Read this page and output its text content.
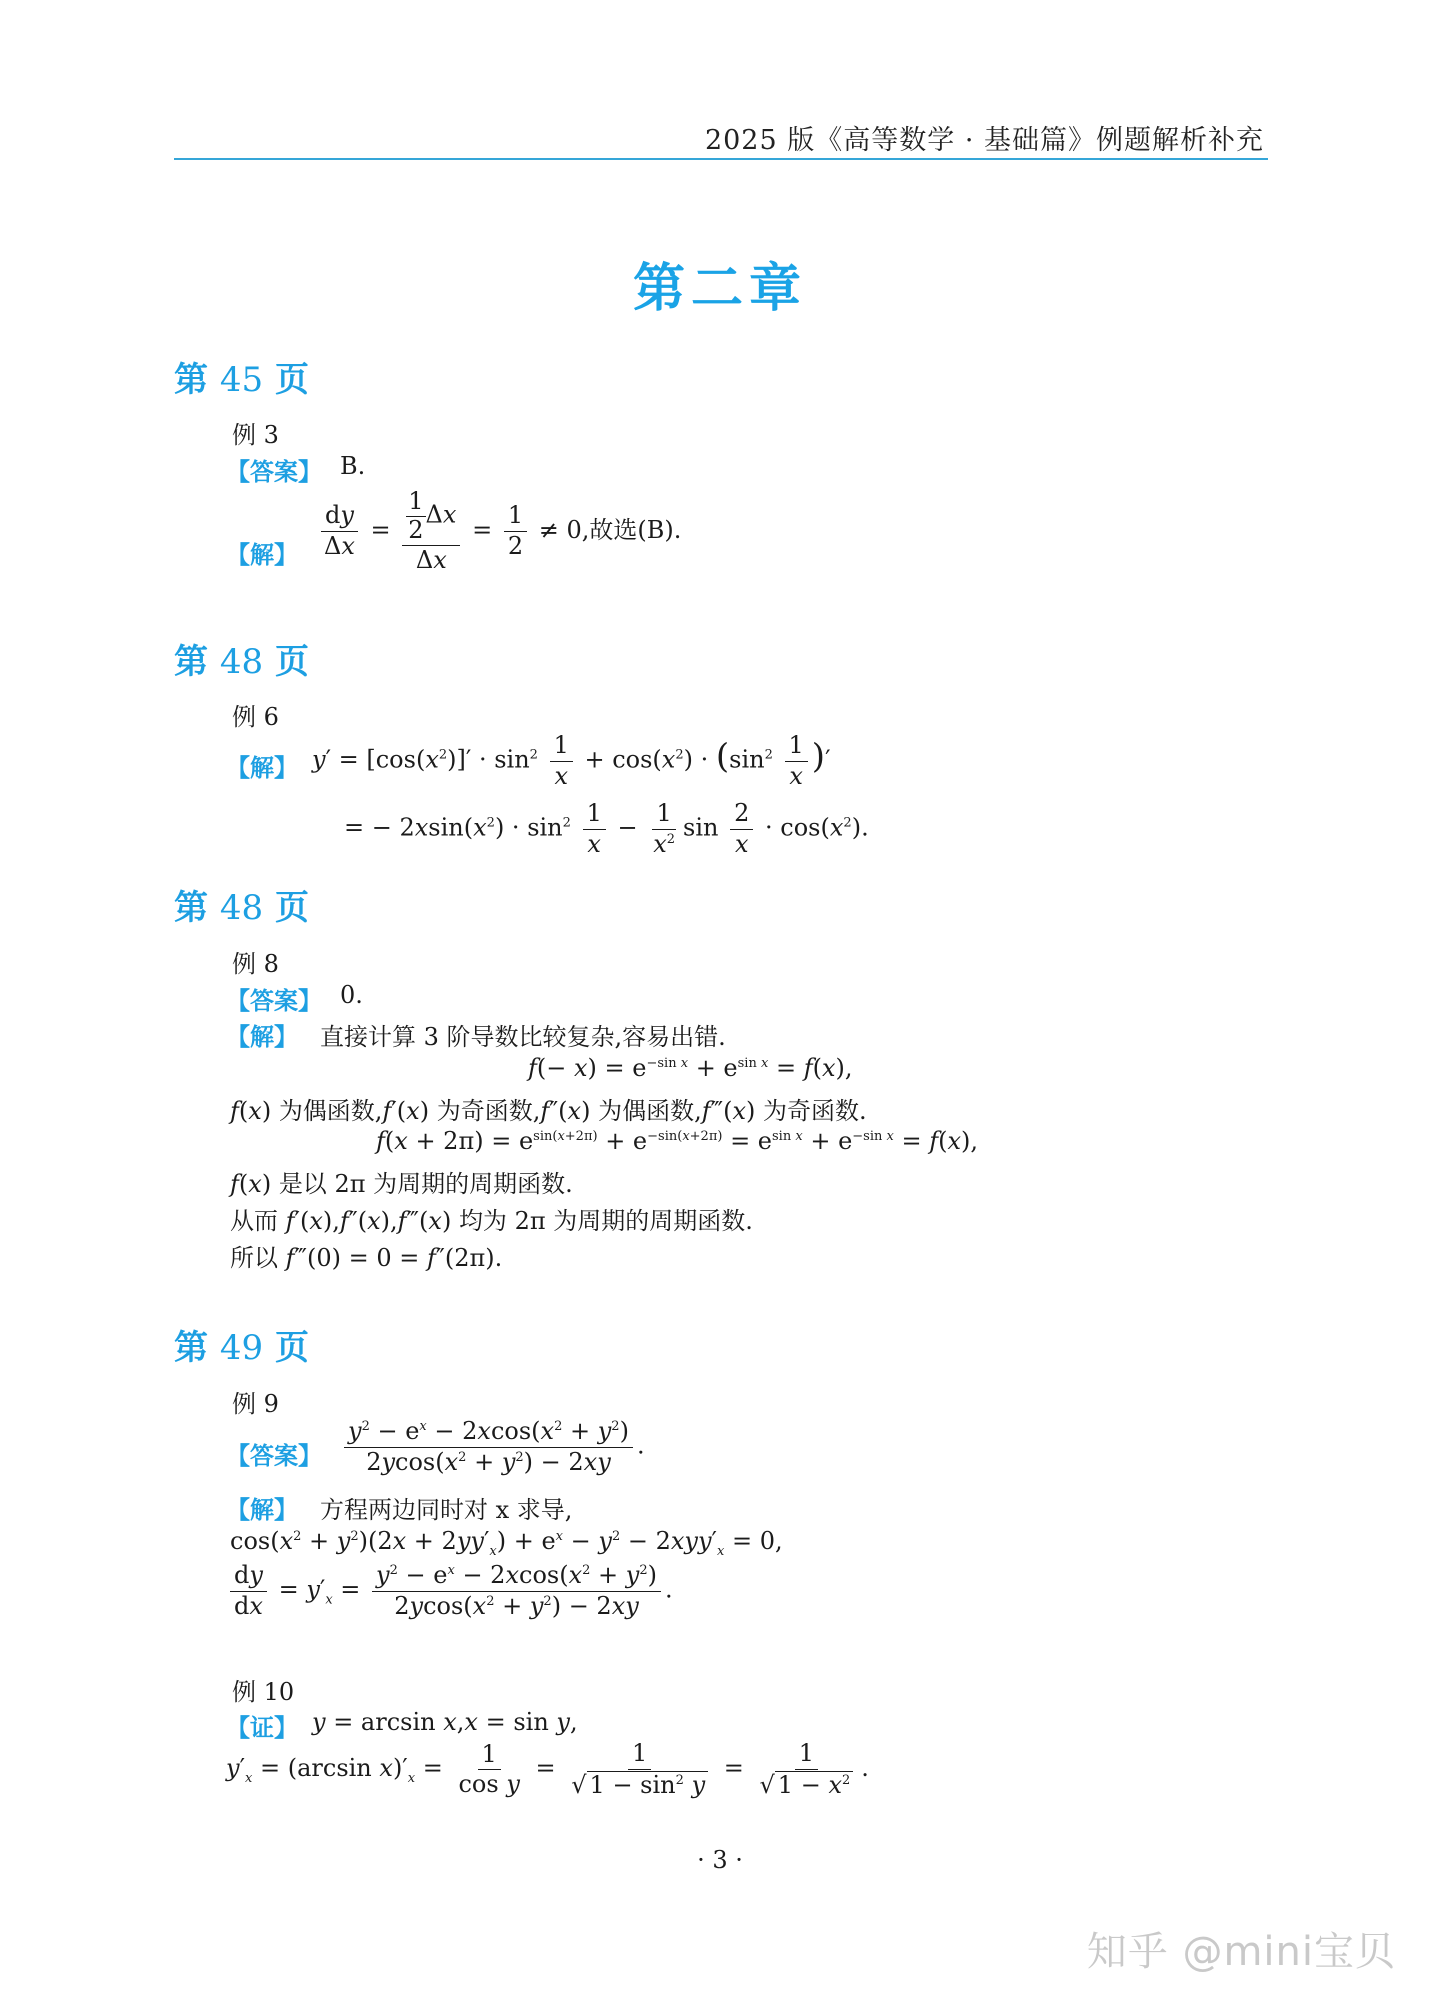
2025 版《高等数学 · 基础篇》例题解析补充
第二章
第 45 页
例 3
【答案】 B.
【解】 $\frac{dy}{\Delta x} = \frac{\frac{1}{2} \Delta x}{\Delta x} = \frac{1}{2} \ne 0$,故选(B).
第 48 页
例 6
【解】 $y' = [\cos(x^2)]' \cdot \sin^2 \frac{1}{x} + \cos(x^2) \cdot (\sin^2 \frac{1}{x}$ )′
= − $2xsin(x^2) \cdot \sin^2 \frac{1}{x} - \frac{1}{x^2}$ $\sin \frac{2}{x} \cdot \cos(x^2)$.
第 48 页
例 8
【答案】 0.
【解】 直接计算 3 阶导数比较复杂,容易出错.
$f(- x) = e^{-sin x} + e^{sin x} = f(x)$,
f(x) 为偶函数,f′(x) 为奇函数,f″(x) 为偶函数,f‴(x) 为奇函数.
$f(x + 2\pi) = e^{sin(x+2\pi)} + e^{-sin(x+2\pi)} = e^{sin x} + e^{-sin x} = f(x)$,
f(x) 是以 2π 为周期的周期函数.
从而 f′(x),f″(x),f‴(x) 均为 2π 为周期的周期函数.
所以 f‴(0) = 0 = f″(2π).
第 49 页
例 9
【答案】 $\frac{y^2 - e^x - 2xcos(x^2 + y^2)}{2ycos(x^2 + y^2) - 2xy}$ .
【解】 方程两边同时对 x 求导,
$\cos(x^2 + y^2)(2x + 2yy'_x) + e^x - y^2 - 2xyy'_x = 0$,
$\frac{dy}{dx} = y'_x = \frac{y^2 - e^x - 2xcos(x^2 + y^2)}{2ycos(x^2 + y^2) - 2xy}$ .
例 10
【证】 y = arcsin x,x = sin y,
$y'_x = (\arcsin$ $x)'_x = \frac{1}{\text{cos y}} = \frac{1}{√ 1 - \sin^2 y} = \frac{1}{√ 1 - x^2}$ .
· 3 ·
知乎 @mini宝贝
